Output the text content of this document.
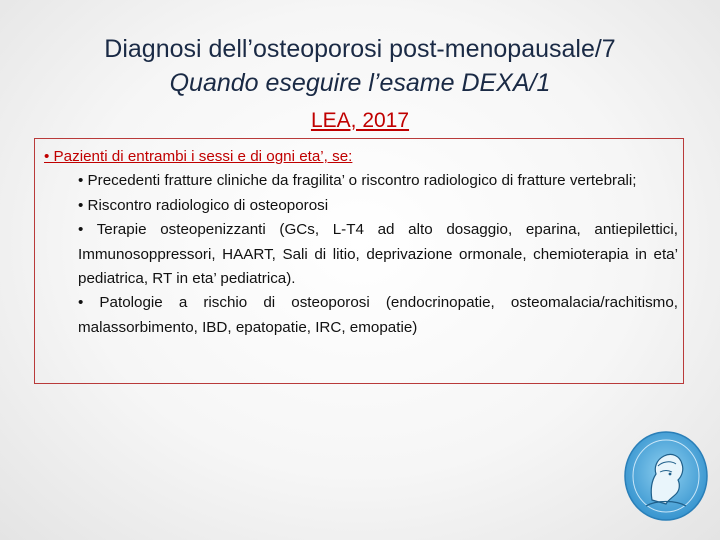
Diagnosi dell’osteoporosi post-menopausale/7
Quando eseguire l’esame DEXA/1
LEA, 2017
• Pazienti di entrambi i sessi e di ogni eta’, se:
• Precedenti fratture cliniche da fragilita’ o riscontro radiologico di fratture vertebrali;
• Riscontro radiologico di osteoporosi
• Terapie osteopenizzanti (GCs, L-T4 ad alto dosaggio, eparina, antiepilettici, Immunosoppressori, HAART, Sali di litio, deprivazione ormonale, chemioterapia in eta’ pediatrica, RT in eta’ pediatrica).
• Patologie a rischio di osteoporosi (endocrinopatie, osteomalacia/rachitismo, malassorbimento, IBD, epatopatie, IRC, emopatie)
